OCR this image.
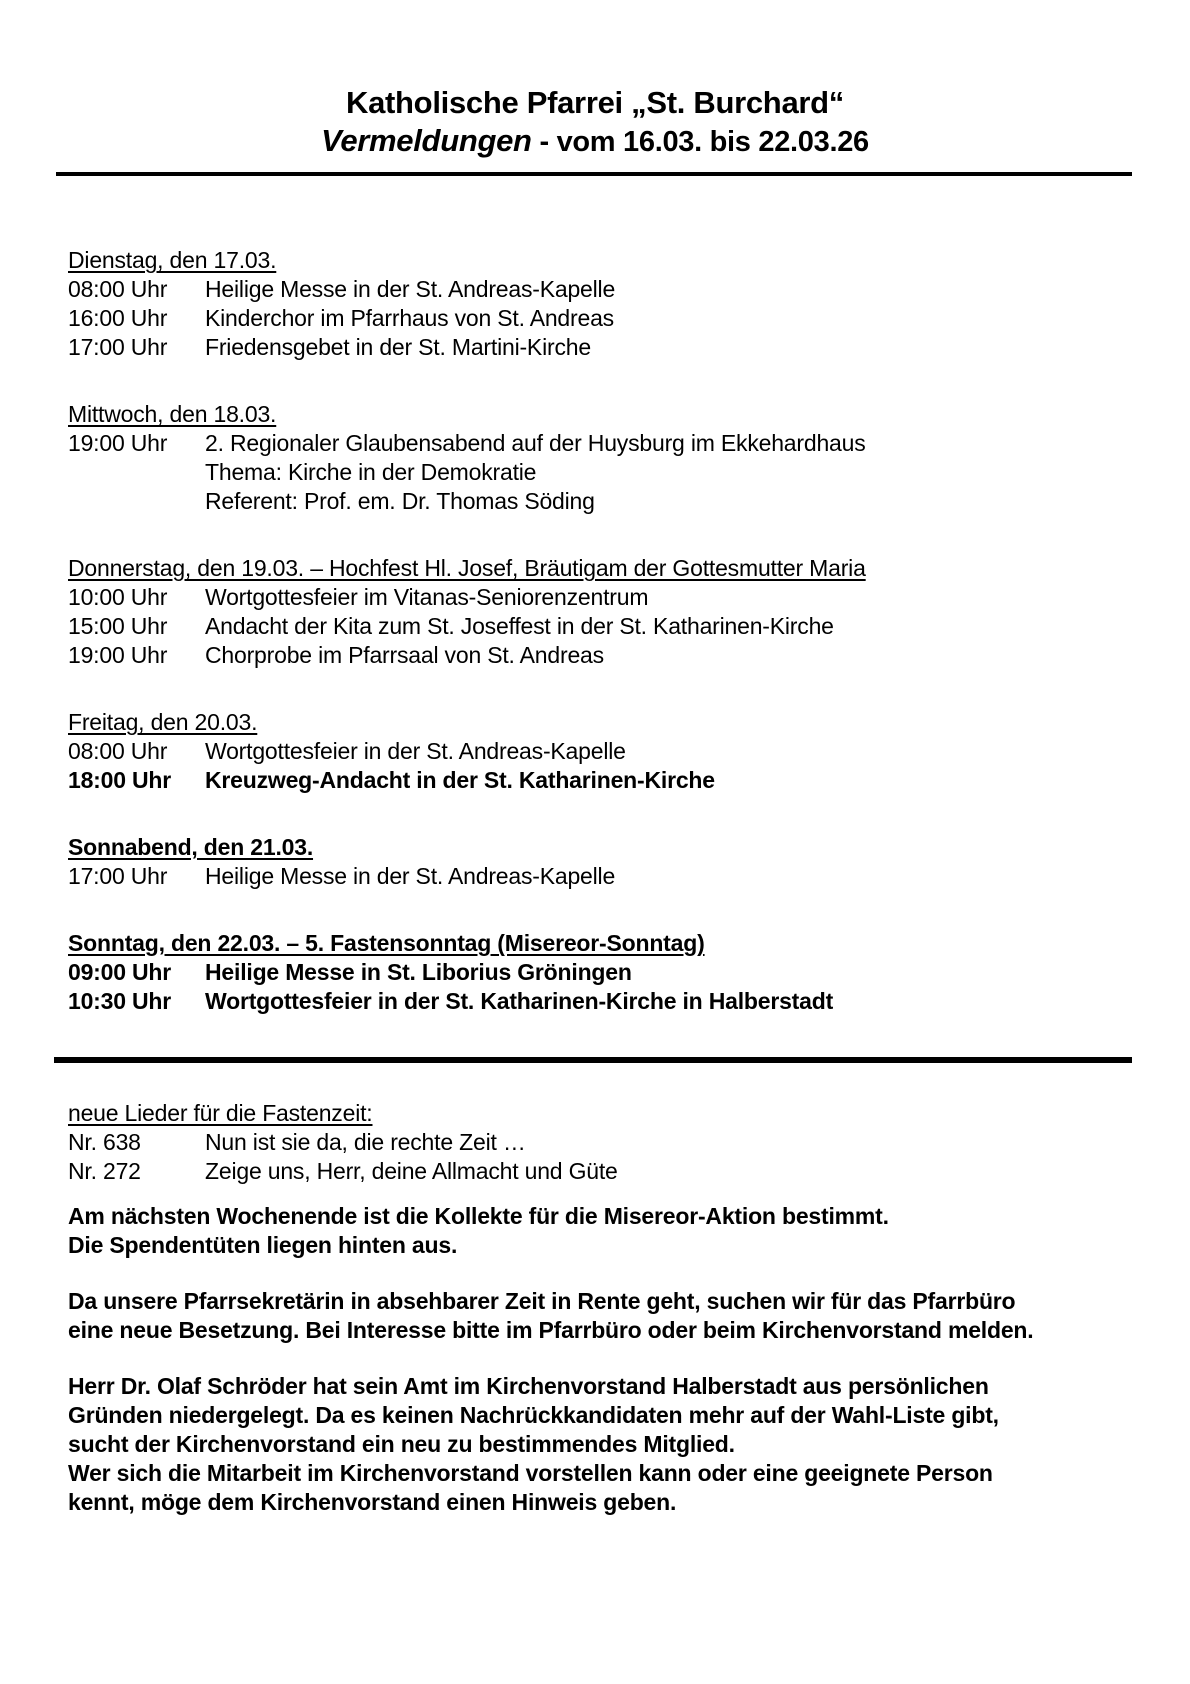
Katholische Pfarrei „St. Burchard“
Vermeldungen - vom 16.03. bis 22.03.26
Dienstag, den 17.03.
08:00 Uhr	Heilige Messe in der St. Andreas-Kapelle
16:00 Uhr	Kinderchor im Pfarrhaus von St. Andreas
17:00 Uhr	Friedensgebet in der St. Martini-Kirche
Mittwoch, den 18.03.
19:00 Uhr	2. Regionaler Glaubensabend auf der Huysburg im Ekkehardhaus
Thema: Kirche in der Demokratie
Referent: Prof. em. Dr. Thomas Söding
Donnerstag, den 19.03. – Hochfest Hl. Josef, Bräutigam der Gottesmutter Maria
10:00 Uhr	Wortgottesfeier im Vitanas-Seniorenzentrum
15:00 Uhr	Andacht der Kita zum St. Joseffest in der St. Katharinen-Kirche
19:00 Uhr	Chorprobe im Pfarrsaal von St. Andreas
Freitag, den 20.03.
08:00 Uhr	Wortgottesfeier in der St. Andreas-Kapelle
18:00 Uhr	Kreuzweg-Andacht in der St. Katharinen-Kirche
Sonnabend, den 21.03.
17:00 Uhr	Heilige Messe in der St. Andreas-Kapelle
Sonntag, den 22.03. – 5. Fastensonntag (Misereor-Sonntag)
09:00 Uhr	Heilige Messe in St. Liborius Gröningen
10:30 Uhr	Wortgottesfeier in der St. Katharinen-Kirche in Halberstadt
neue Lieder für die Fastenzeit:
Nr. 638	Nun ist sie da, die rechte Zeit …
Nr. 272	Zeige uns, Herr, deine Allmacht und Güte
Am nächsten Wochenende ist die Kollekte für die Misereor-Aktion bestimmt.
Die Spendentüten liegen hinten aus.
Da unsere Pfarrsekretärin in absehbarer Zeit in Rente geht, suchen wir für das Pfarrbüro
eine neue Besetzung. Bei Interesse bitte im Pfarrbüro oder beim Kirchenvorstand melden.
Herr Dr. Olaf Schröder hat sein Amt im Kirchenvorstand Halberstadt aus persönlichen
Gründen niedergelegt. Da es keinen Nachrückkandidaten mehr auf der Wahl-Liste gibt,
sucht der Kirchenvorstand ein neu zu bestimmendes Mitglied.
Wer sich die Mitarbeit im Kirchenvorstand vorstellen kann oder eine geeignete Person
kennt, möge dem Kirchenvorstand einen Hinweis geben.
